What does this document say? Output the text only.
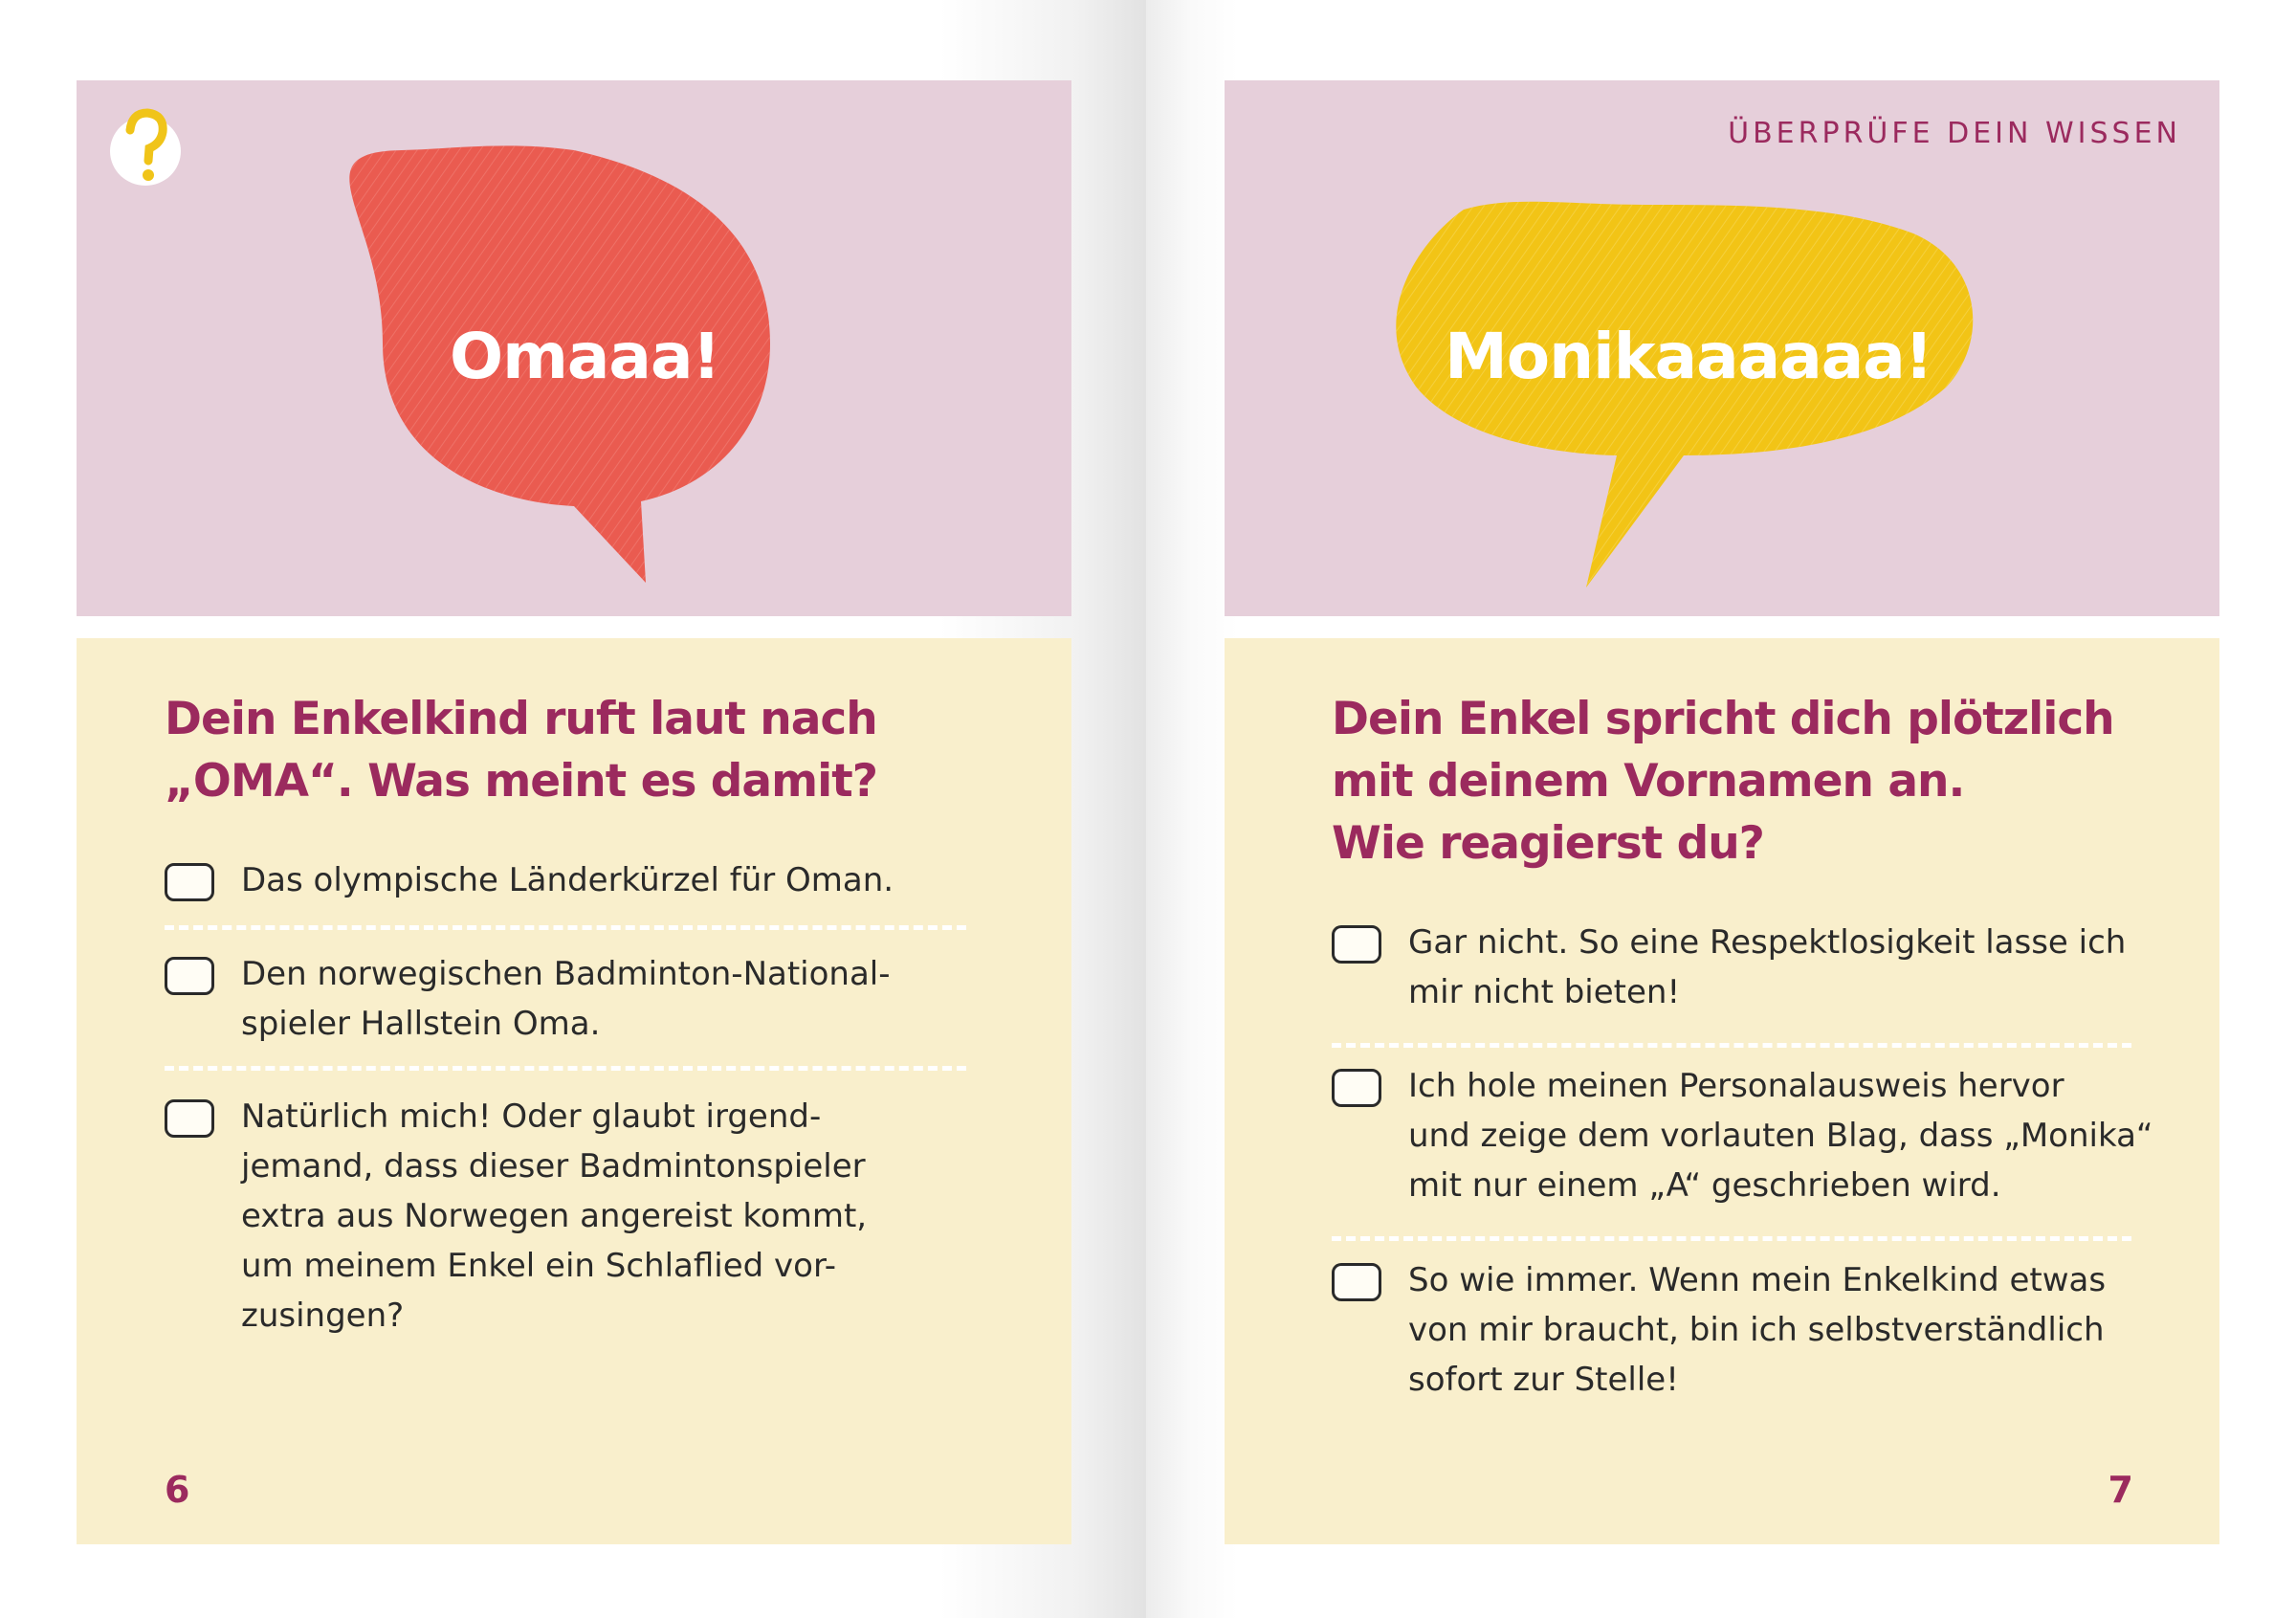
Omaaa!

Dein Enkelkind ruft laut nach
„OMA“. Was meint es damit?

Das olympische Länderkürzel für Oman.
Den norwegischen Badminton-National-
spieler Hallstein Oma.
Natürlich mich! Oder glaubt irgend-
jemand, dass dieser Badmintonspieler
extra aus Norwegen angereist kommt,
um meinem Enkel ein Schlaflied vor-
zusingen?
6
ÜBERPRÜFE DEIN WISSEN
Monikaaaaaa!

Dein Enkel spricht dich plötzlich
mit deinem Vornamen an.
Wie reagierst du?

Gar nicht. So eine Respektlosigkeit lasse ich
mir nicht bieten!
Ich hole meinen Personalausweis hervor
und zeige dem vorlauten Blag, dass „Monika“
mit nur einem „A“ geschrieben wird.
So wie immer. Wenn mein Enkelkind etwas
von mir braucht, bin ich selbstverständlich
sofort zur Stelle!
7
